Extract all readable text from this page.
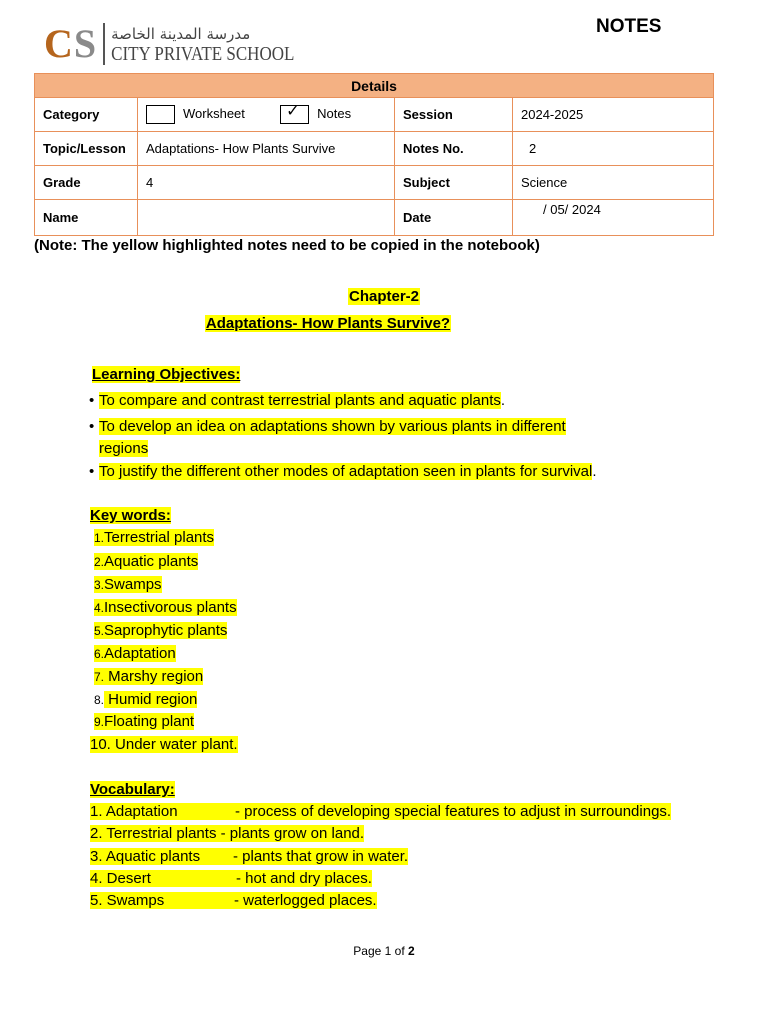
CS مدرسة المدينة الخاصة
CITY PRIVATE SCHOOL
NOTES
Details			
Category	Worksheet ✓ Notes	Session	2024-2025
Topic/Lesson	Adaptations- How Plants Survive	Notes No.	2
Grade	4	Subject	Science
Name		Date	/ 05/ 2024
(Note: The yellow highlighted notes need to be copied in the notebook)
Chapter-2
Adaptations- How Plants Survive?
Learning Objectives:
• To compare and contrast terrestrial plants and aquatic plants.
• To develop an idea on adaptations shown by various plants in different
regions
• To justify the different other modes of adaptation seen in plants for survival.
Key words:
1.Terrestrial plants
2.Aquatic plants
3.Swamps
4.Insectivorous plants
5.Saprophytic plants
6.Adaptation
7. Marshy region
8. Humid region
9.Floating plant
10. Under water plant.
Vocabulary:
1. Adaptation	- process of developing special features to adjust in surroundings.
2. Terrestrial plants - plants grow on land.
3. Aquatic plants - plants that grow in water.
4. Desert	- hot and dry places.
5. Swamps	- waterlogged places.
Page 1 of 2
